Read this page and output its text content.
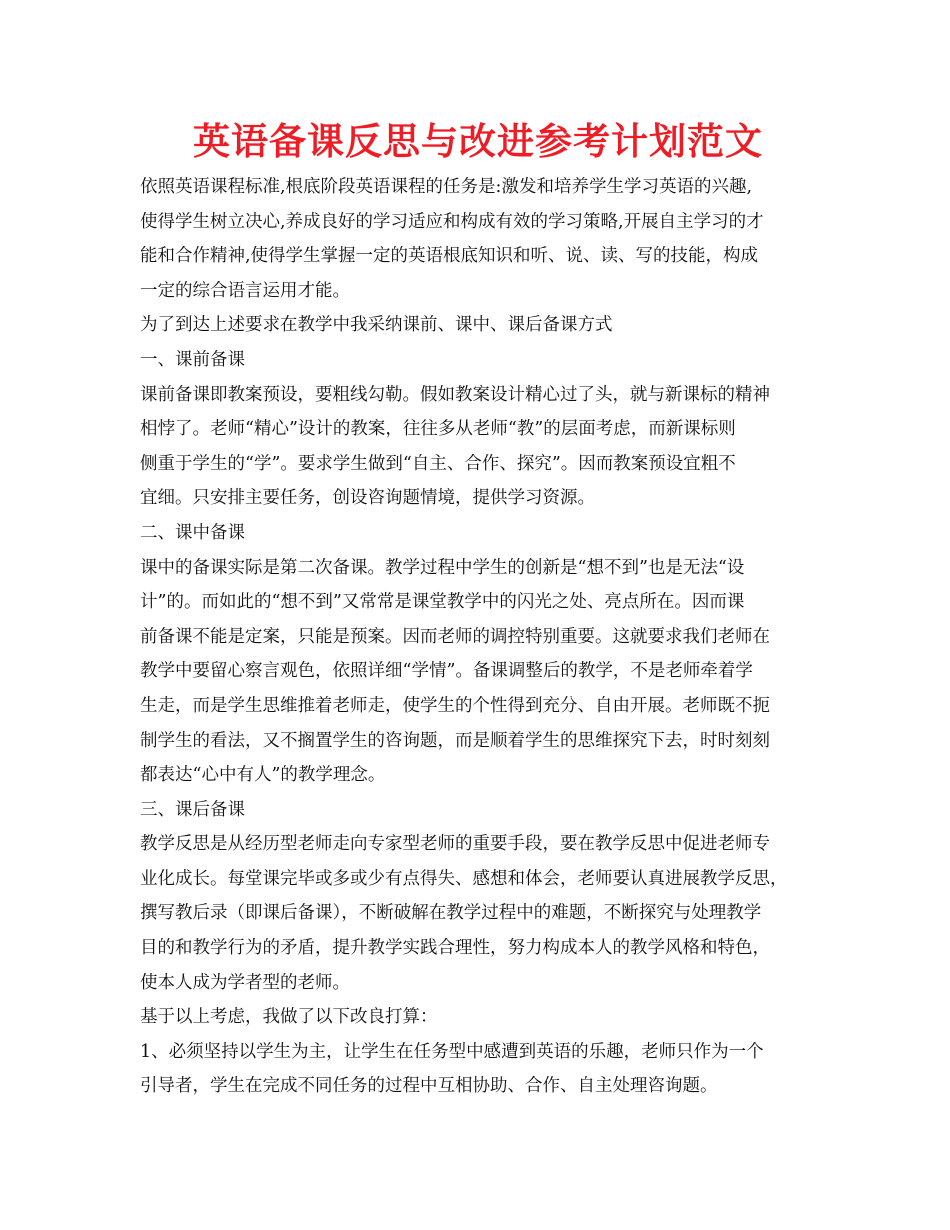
英语备课反思与改进参考计划范文
依照英语课程标准,根底阶段英语课程的任务是:激发和培养学生学习英语的兴趣,
使得学生树立决心,养成良好的学习适应和构成有效的学习策略,开展自主学习的才
能和合作精神,使得学生掌握一定的英语根底知识和听、说、读、写的技能，构成
一定的综合语言运用才能。
为了到达上述要求在教学中我采纳课前、课中、课后备课方式
一、课前备课
课前备课即教案预设，要粗线勾勒。假如教案设计精心过了头，就与新课标的精神
相悖了。老师“精心”设计的教案，往往多从老师“教”的层面考虑，而新课标则
侧重于学生的“学”。要求学生做到“自主、合作、探究”。因而教案预设宜粗不
宜细。只安排主要任务，创设咨询题情境，提供学习资源。
二、课中备课
课中的备课实际是第二次备课。教学过程中学生的创新是“想不到”也是无法“设
计”的。而如此的“想不到”又常常是课堂教学中的闪光之处、亮点所在。因而课
前备课不能是定案，只能是预案。因而老师的调控特别重要。这就要求我们老师在
教学中要留心察言观色，依照详细“学情”。备课调整后的教学，不是老师牵着学
生走，而是学生思维推着老师走，使学生的个性得到充分、自由开展。老师既不扼
制学生的看法，又不搁置学生的咨询题，而是顺着学生的思维探究下去，时时刻刻
都表达“心中有人”的教学理念。
三、课后备课
教学反思是从经历型老师走向专家型老师的重要手段，要在教学反思中促进老师专
业化成长。每堂课完毕或多或少有点得失、感想和体会，老师要认真进展教学反思，
撰写教后录（即课后备课），不断破解在教学过程中的难题，不断探究与处理教学
目的和教学行为的矛盾，提升教学实践合理性，努力构成本人的教学风格和特色，
使本人成为学者型的老师。
基于以上考虑，我做了以下改良打算：
1、必须坚持以学生为主，让学生在任务型中感遭到英语的乐趣，老师只作为一个
引导者，学生在完成不同任务的过程中互相协助、合作、自主处理咨询题。
